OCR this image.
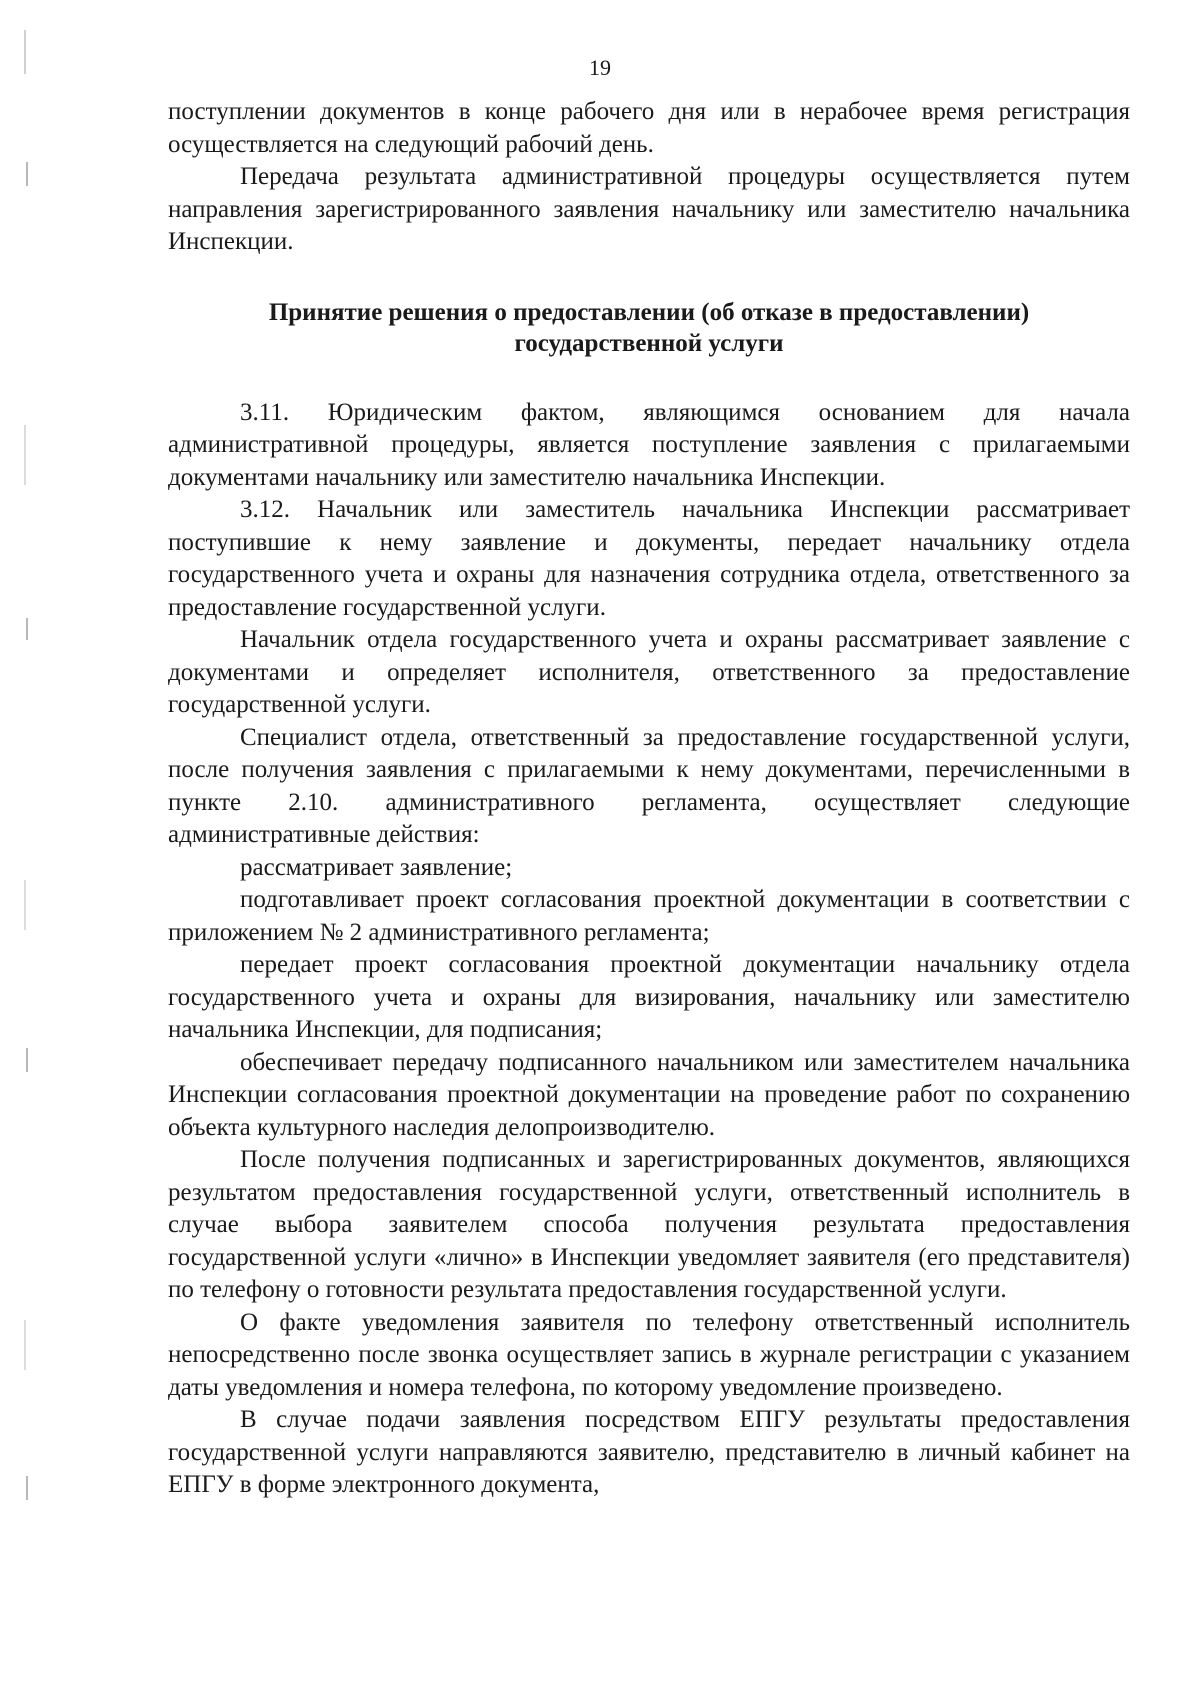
19

поступлении документов в конце рабочего дня или в нерабочее время регистрация осуществляется на следующий рабочий день.

Передача результата административной процедуры осуществляется путем направления зарегистрированного заявления начальнику или заместителю начальника Инспекции.

Принятие решения о предоставлении (об отказе в предоставлении)
государственной услуги

3.11. Юридическим фактом, являющимся основанием для начала административной процедуры, является поступление заявления с прилагаемыми документами начальнику или заместителю начальника Инспекции.

3.12. Начальник или заместитель начальника Инспекции рассматривает поступившие к нему заявление и документы, передает начальнику отдела государственного учета и охраны для назначения сотрудника отдела, ответственного за предоставление государственной услуги.

Начальник отдела государственного учета и охраны рассматривает заявление с документами и определяет исполнителя, ответственного за предоставление государственной услуги.

Специалист отдела, ответственный за предоставление государственной услуги, после получения заявления с прилагаемыми к нему документами, перечисленными в пункте 2.10. административного регламента, осуществляет следующие административные действия:

рассматривает заявление;

подготавливает проект согласования проектной документации в соответствии с приложением № 2 административного регламента;

передает проект согласования проектной документации начальнику отдела государственного учета и охраны для визирования, начальнику или заместителю начальника Инспекции, для подписания;

обеспечивает передачу подписанного начальником или заместителем начальника Инспекции согласования проектной документации на проведение работ по сохранению объекта культурного наследия делопроизводителю.

После получения подписанных и зарегистрированных документов, являющихся результатом предоставления государственной услуги, ответственный исполнитель в случае выбора заявителем способа получения результата предоставления государственной услуги «лично» в Инспекции уведомляет заявителя (его представителя) по телефону о готовности результата предоставления государственной услуги.

О факте уведомления заявителя по телефону ответственный исполнитель непосредственно после звонка осуществляет запись в журнале регистрации с указанием даты уведомления и номера телефона, по которому уведомление произведено.

В случае подачи заявления посредством ЕПГУ результаты предоставления государственной услуги направляются заявителю, представителю в личный кабинет на ЕПГУ в форме электронного документа,
